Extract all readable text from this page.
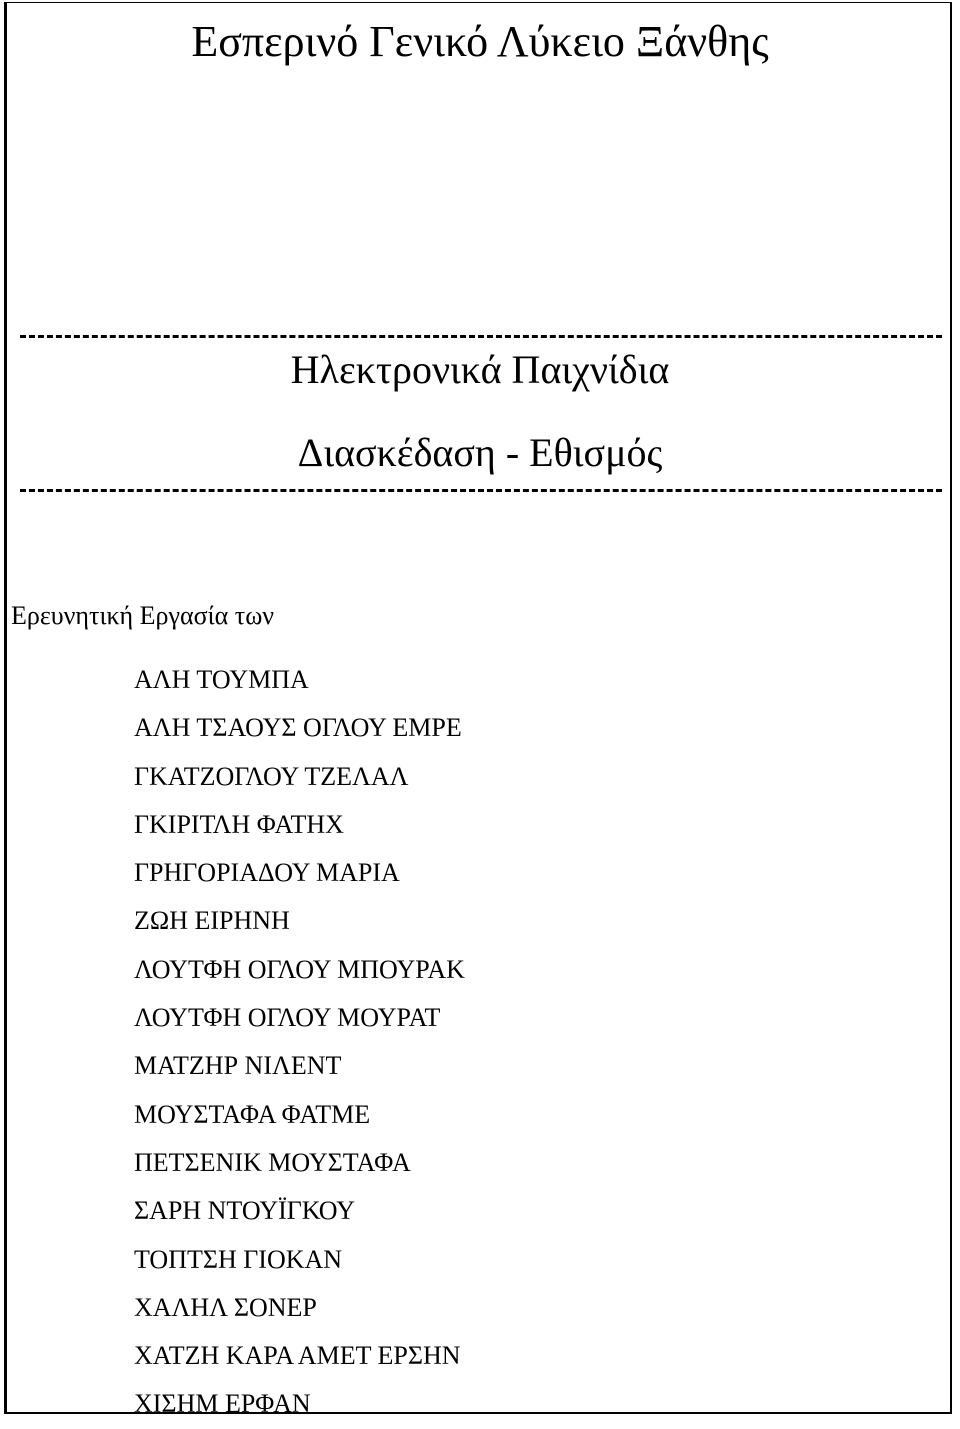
Εσπερινό Γενικό Λύκειο Ξάνθης
Ηλεκτρονικά Παιχνίδια
Διασκέδαση - Εθισμός
Ερευνητική Εργασία των
ΑΛΗ ΤΟΥΜΠΑ
ΑΛΗ ΤΣΑΟΥΣ ΟΓΛΟΥ ΕΜΡΕ
ΓΚΑΤΖΟΓΛΟΥ ΤΖΕΛΑΛ
ΓΚΙΡΙΤΛΗ ΦΑΤΗΧ
ΓΡΗΓΟΡΙΑΔΟΥ ΜΑΡΙΑ
ΖΩΗ ΕΙΡΗΝΗ
ΛΟΥΤΦΗ ΟΓΛΟΥ ΜΠΟΥΡΑΚ
ΛΟΥΤΦΗ ΟΓΛΟΥ ΜΟΥΡΑΤ
ΜΑΤΖΗΡ ΝΙΛΕΝΤ
ΜΟΥΣΤΑΦΑ ΦΑΤΜΕ
ΠΕΤΣΕΝΙΚ ΜΟΥΣΤΑΦΑ
ΣΑΡΗ ΝΤΟΥΪΓΚΟΥ
ΤΟΠΤΣΗ ΓΙΟΚΑΝ
ΧΑΛΗΛ ΣΟΝΕΡ
ΧΑΤΖΗ ΚΑΡΑ ΑΜΕΤ ΕΡΣΗΝ
ΧΙΣΗΜ ΕΡΦΑΝ
